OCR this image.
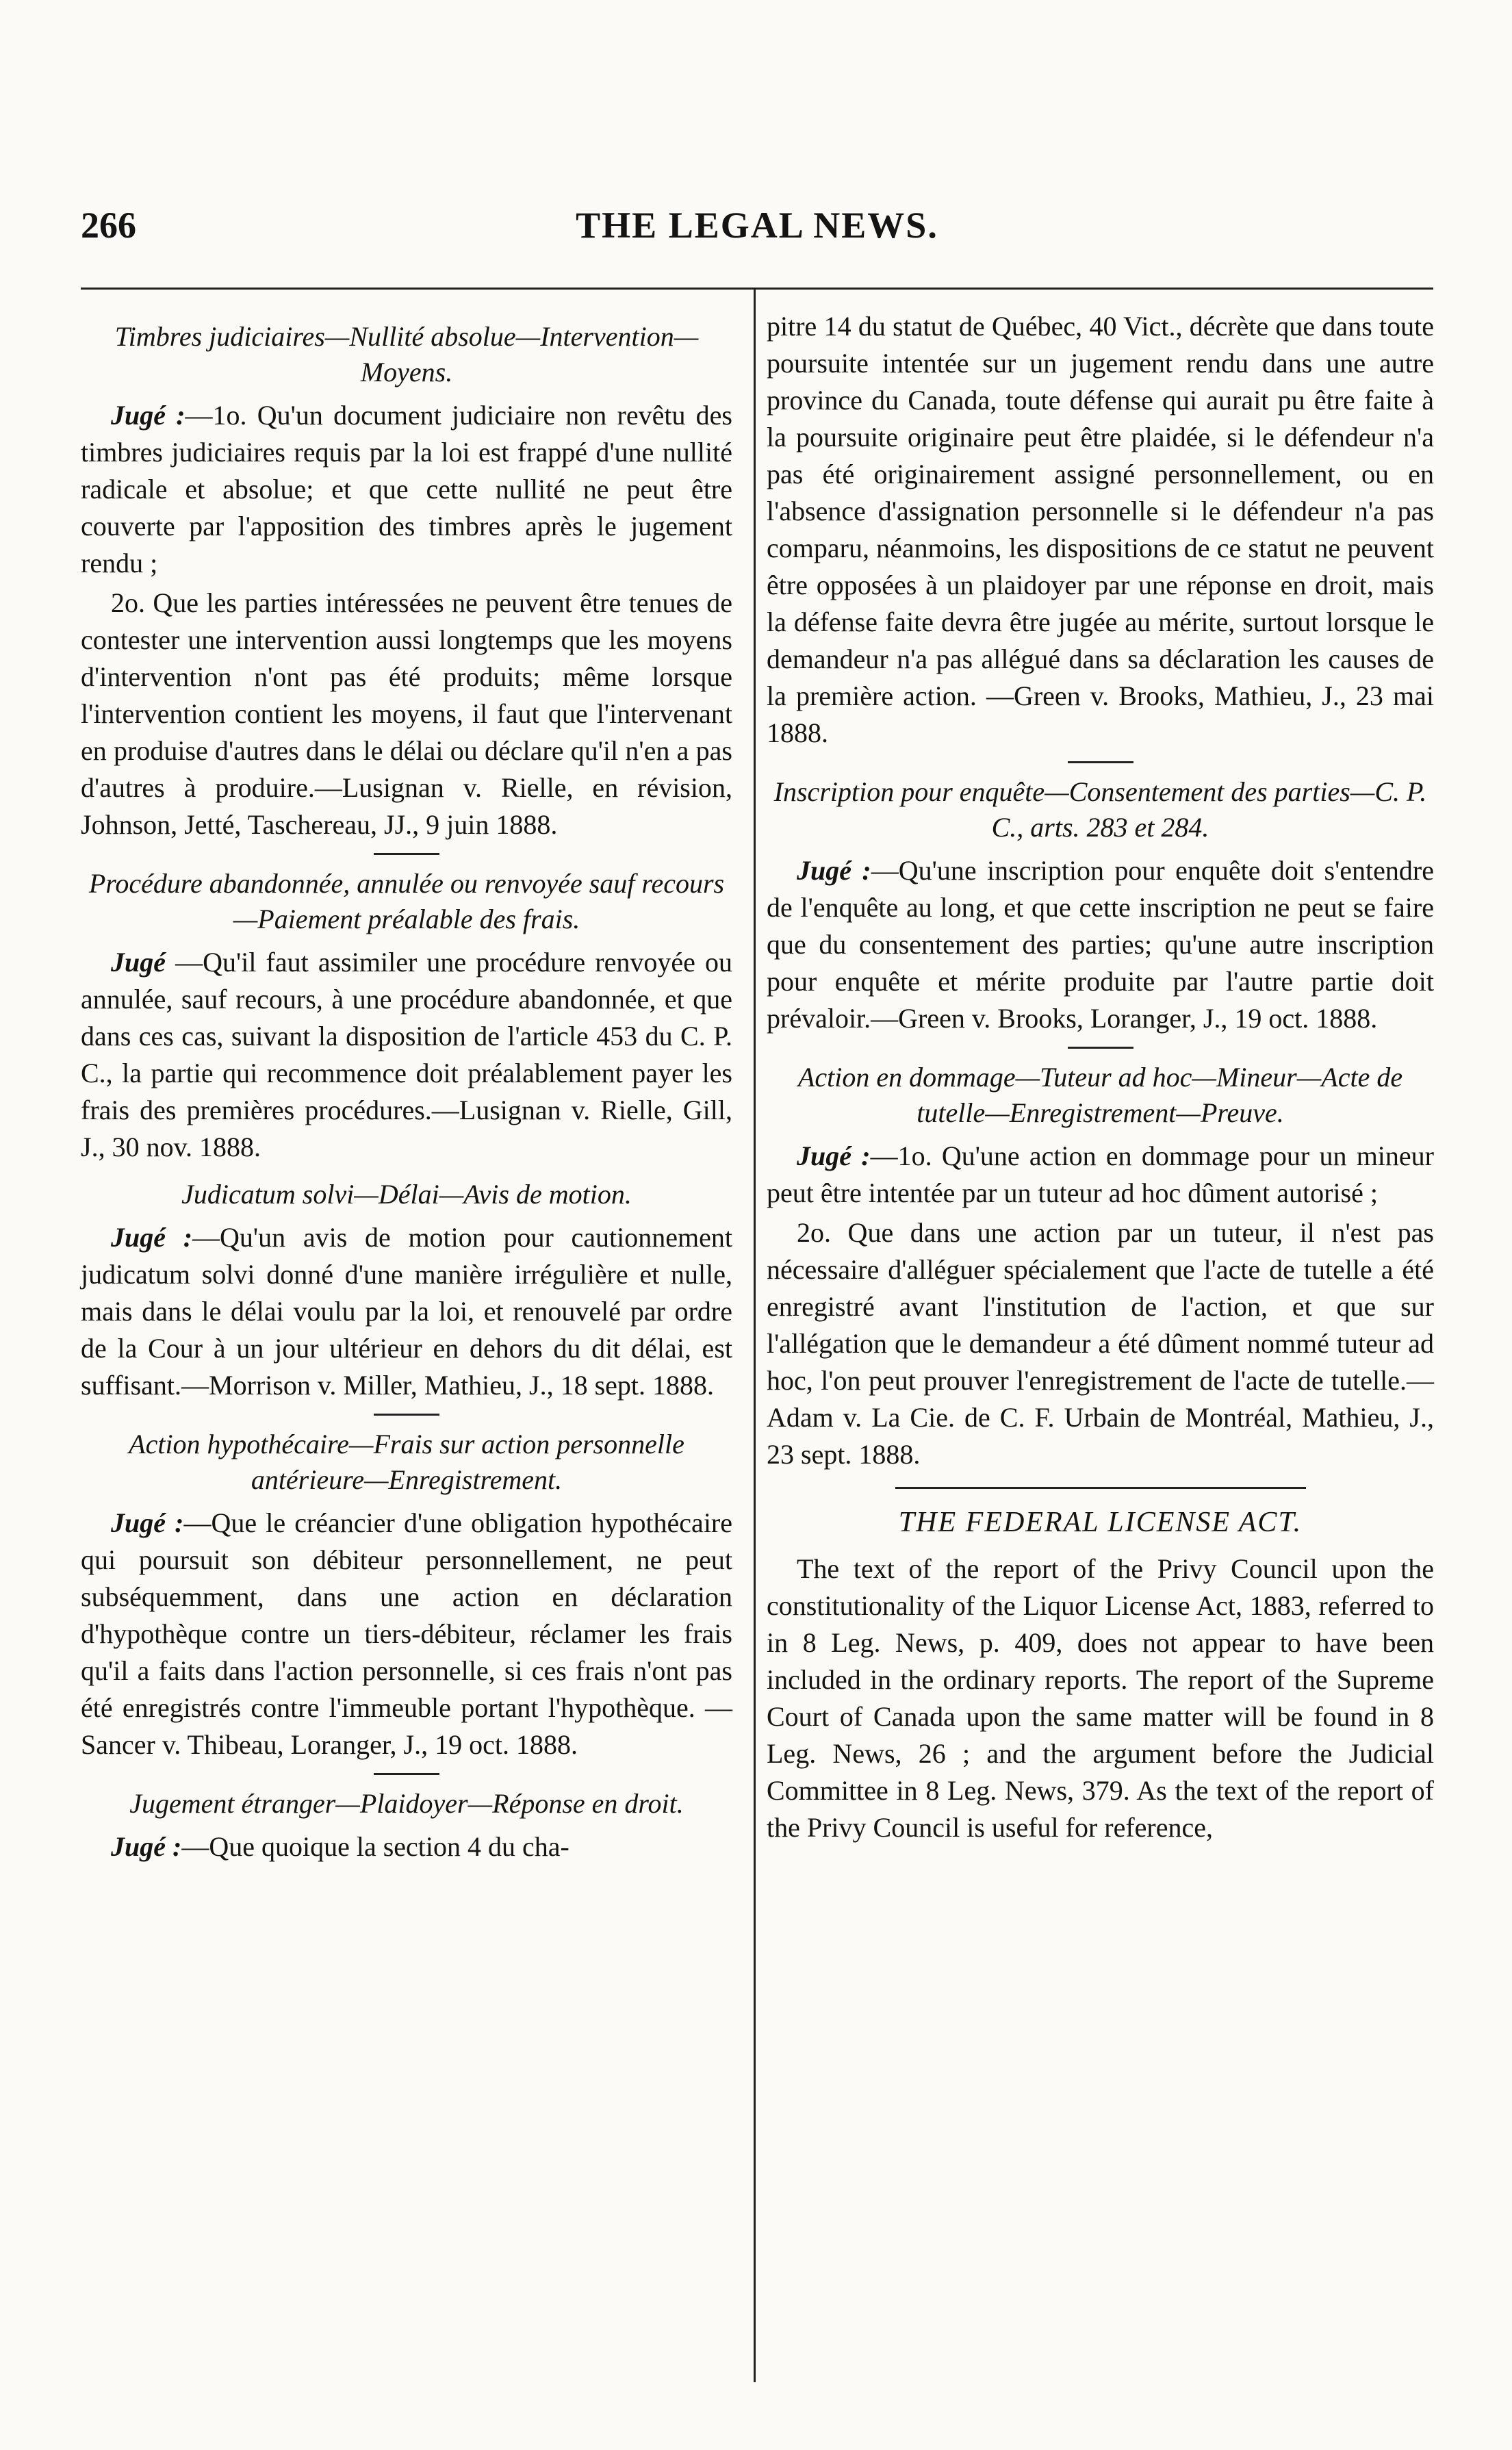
266	THE LEGAL NEWS.
Timbres judiciaires—Nullité absolue—Intervention—Moyens.

Jugé :—1o. Qu'un document judiciaire non revêtu des timbres judiciaires requis par la loi est frappé d'une nullité radicale et absolue; et que cette nullité ne peut être couverte par l'apposition des timbres après le jugement rendu ;

2o. Que les parties intéressées ne peuvent être tenues de contester une intervention aussi longtemps que les moyens d'intervention n'ont pas été produits; même lorsque l'intervention contient les moyens, il faut que l'intervenant en produise d'autres dans le délai ou déclare qu'il n'en a pas d'autres à produire.—Lusignan v. Rielle, en révision, Johnson, Jetté, Taschereau, JJ., 9 juin 1888.

Procédure abandonnée, annulée ou renvoyée sauf recours—Paiement préalable des frais.

Jugé —Qu'il faut assimiler une procédure renvoyée ou annulée, sauf recours, à une procédure abandonnée, et que dans ces cas, suivant la disposition de l'article 453 du C. P. C., la partie qui recommence doit préalablement payer les frais des premières procédures.—Lusignan v. Rielle, Gill, J., 30 nov. 1888.

Judicatum solvi—Délai—Avis de motion.

Jugé :—Qu'un avis de motion pour cautionnement judicatum solvi donné d'une manière irrégulière et nulle, mais dans le délai voulu par la loi, et renouvelé par ordre de la Cour à un jour ultérieur en dehors du dit délai, est suffisant.—Morrison v. Miller, Mathieu, J., 18 sept. 1888.

Action hypothécaire—Frais sur action personnelle antérieure—Enregistrement.

Jugé :—Que le créancier d'une obligation hypothécaire qui poursuit son débiteur personnellement, ne peut subséquemment, dans une action en déclaration d'hypothèque contre un tiers-débiteur, réclamer les frais qu'il a faits dans l'action personnelle, si ces frais n'ont pas été enregistrés contre l'immeuble portant l'hypothèque. — Sancer v. Thibeau, Loranger, J., 19 oct. 1888.

Jugement étranger—Plaidoyer—Réponse en droit.

Jugé :—Que quoique la section 4 du cha-

pitre 14 du statut de Québec, 40 Vict., décrète que dans toute poursuite intentée sur un jugement rendu dans une autre province du Canada, toute défense qui aurait pu être faite à la poursuite originaire peut être plaidée, si le défendeur n'a pas été originairement assigné personnellement, ou en l'absence d'assignation personnelle si le défendeur n'a pas comparu, néanmoins, les dispositions de ce statut ne peuvent être opposées à un plaidoyer par une réponse en droit, mais la défense faite devra être jugée au mérite, surtout lorsque le demandeur n'a pas allégué dans sa déclaration les causes de la première action. —Green v. Brooks, Mathieu, J., 23 mai 1888.

Inscription pour enquête—Consentement des parties—C. P. C., arts. 283 et 284.

Jugé :—Qu'une inscription pour enquête doit s'entendre de l'enquête au long, et que cette inscription ne peut se faire que du consentement des parties; qu'une autre inscription pour enquête et mérite produite par l'autre partie doit prévaloir.—Green v. Brooks, Loranger, J., 19 oct. 1888.

Action en dommage—Tuteur ad hoc—Mineur—Acte de tutelle—Enregistrement—Preuve.

Jugé :—1o. Qu'une action en dommage pour un mineur peut être intentée par un tuteur ad hoc dûment autorisé ;

2o. Que dans une action par un tuteur, il n'est pas nécessaire d'alléguer spécialement que l'acte de tutelle a été enregistré avant l'institution de l'action, et que sur l'allégation que le demandeur a été dûment nommé tuteur ad hoc, l'on peut prouver l'enregistrement de l'acte de tutelle.—Adam v. La Cie. de C. F. Urbain de Montréal, Mathieu, J., 23 sept. 1888.

THE FEDERAL LICENSE ACT.

The text of the report of the Privy Council upon the constitutionality of the Liquor License Act, 1883, referred to in 8 Leg. News, p. 409, does not appear to have been included in the ordinary reports. The report of the Supreme Court of Canada upon the same matter will be found in 8 Leg. News, 26 ; and the argument before the Judicial Committee in 8 Leg. News, 379. As the text of the report of the Privy Council is useful for reference,
